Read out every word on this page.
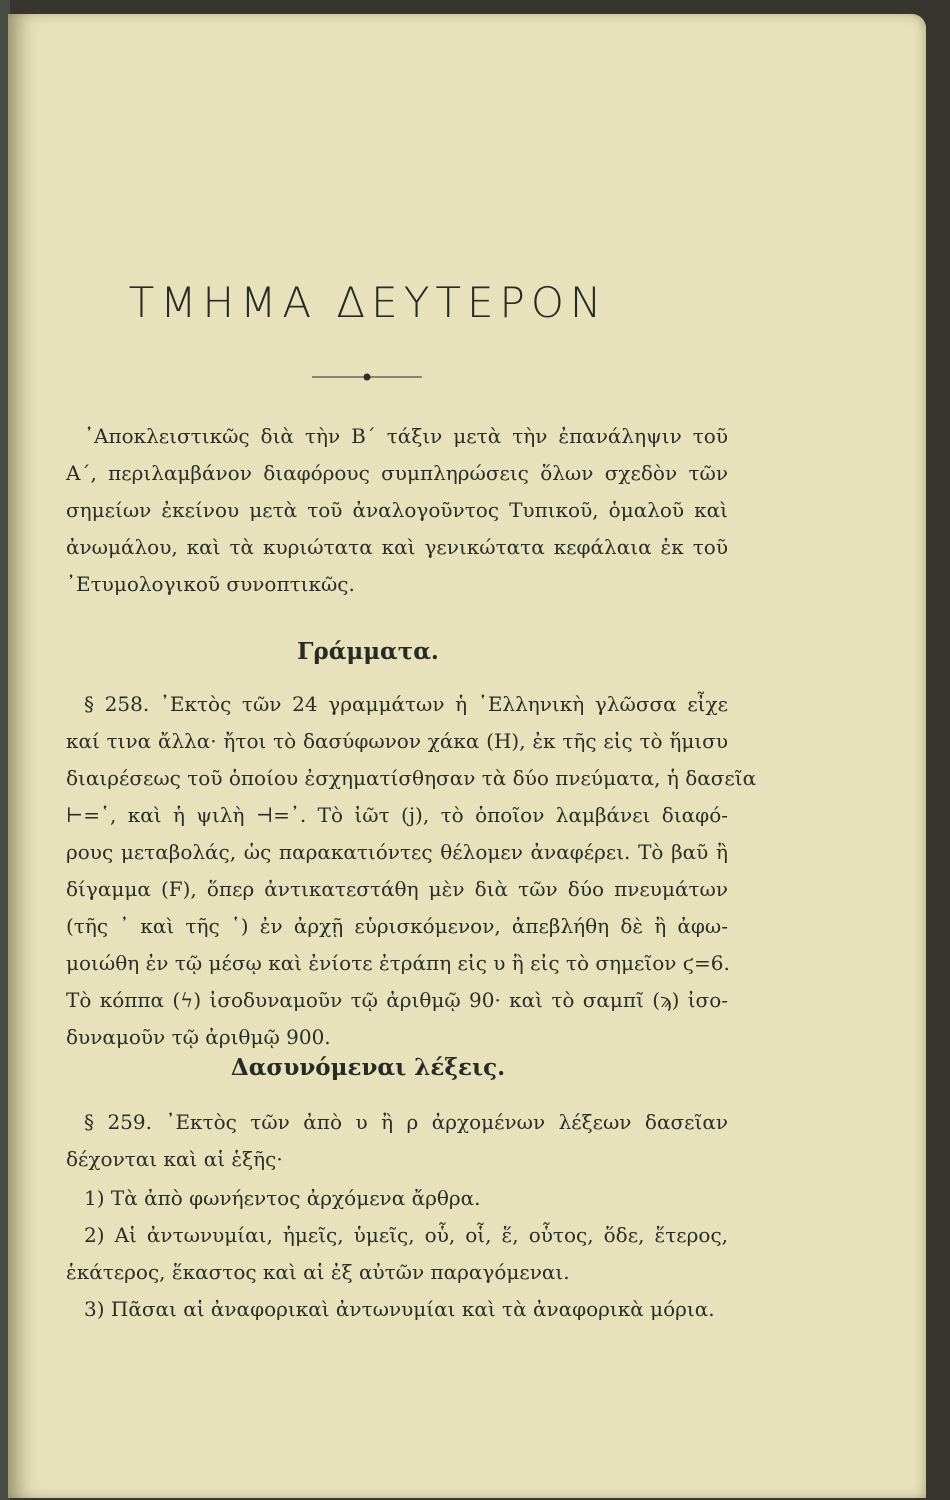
ΤΜΗΜΑ ΔΕΥΤΕΡΟΝ
᾿Αποκλειστικῶς διὰ τὴν Β΄ τάξιν μετὰ τὴν ἐπανάληψιν τοῦ
Α΄, περιλαμβάνον διαφόρους συμπληρώσεις ὅλων σχεδὸν τῶν
σημείων ἐκείνου μετὰ τοῦ ἀναλογοῦντος Τυπικοῦ, ὁμαλοῦ καὶ
ἀνωμάλου, καὶ τὰ κυριώτατα καὶ γενικώτατα κεφάλαια ἐκ τοῦ
᾿Ετυμολογικοῦ συνοπτικῶς.
Γράμματα.
§ 258. ᾿Εκτὸς τῶν 24 γραμμάτων ἡ ῾Ελληνικὴ γλῶσσα εἶχε
καί τινα ἄλλα· ἤτοι τὸ δασύφωνον χάκα (Η), ἐκ τῆς εἰς τὸ ἥμισυ
διαιρέσεως τοῦ ὁποίου ἐσχηματίσθησαν τὰ δύο πνεύματα, ἡ δασεῖα
⊢=῾, καὶ ἡ ψιλὴ ⊣=᾿. Τὸ ἰῶτ (j), τὸ ὁποῖον λαμβάνει διαφό-
ρους μεταβολάς, ὡς παρακατιόντες θέλομεν ἀναφέρει. Τὸ βαῦ ἢ
δίγαμμα (F), ὅπερ ἀντικατεστάθη μὲν διὰ τῶν δύο πνευμάτων
(τῆς ᾿ καὶ τῆς ῾) ἐν ἀρχῇ εὑρισκόμενον, ἀπεβλήθη δὲ ἢ ἀφω-
μοιώθη ἐν τῷ μέσῳ καὶ ἐνίοτε ἐτράπη εἰς υ ἢ εἰς τὸ σημεῖον ϛ=6.
Τὸ κόππα (ϟ) ἰσοδυναμοῦν τῷ ἀριθμῷ 90· καὶ τὸ σαμπῖ (ϡ) ἰσο-
δυναμοῦν τῷ ἀριθμῷ 900.
Δασυνόμεναι λέξεις.
§ 259. ᾿Εκτὸς τῶν ἀπὸ υ ἢ ρ ἀρχομένων λέξεων δασεῖαν
δέχονται καὶ αἱ ἑξῆς·
1) Τὰ ἀπὸ φωνήεντος ἀρχόμενα ἄρθρα.
2) Αἱ ἀντωνυμίαι, ἡμεῖς, ὑμεῖς, οὗ, οἷ, ἕ, οὗτος, ὅδε, ἕτερος,
ἑκάτερος, ἕκαστος καὶ αἱ ἐξ αὐτῶν παραγόμεναι.
3) Πᾶσαι αἱ ἀναφορικαὶ ἀντωνυμίαι καὶ τὰ ἀναφορικὰ μόρια.
